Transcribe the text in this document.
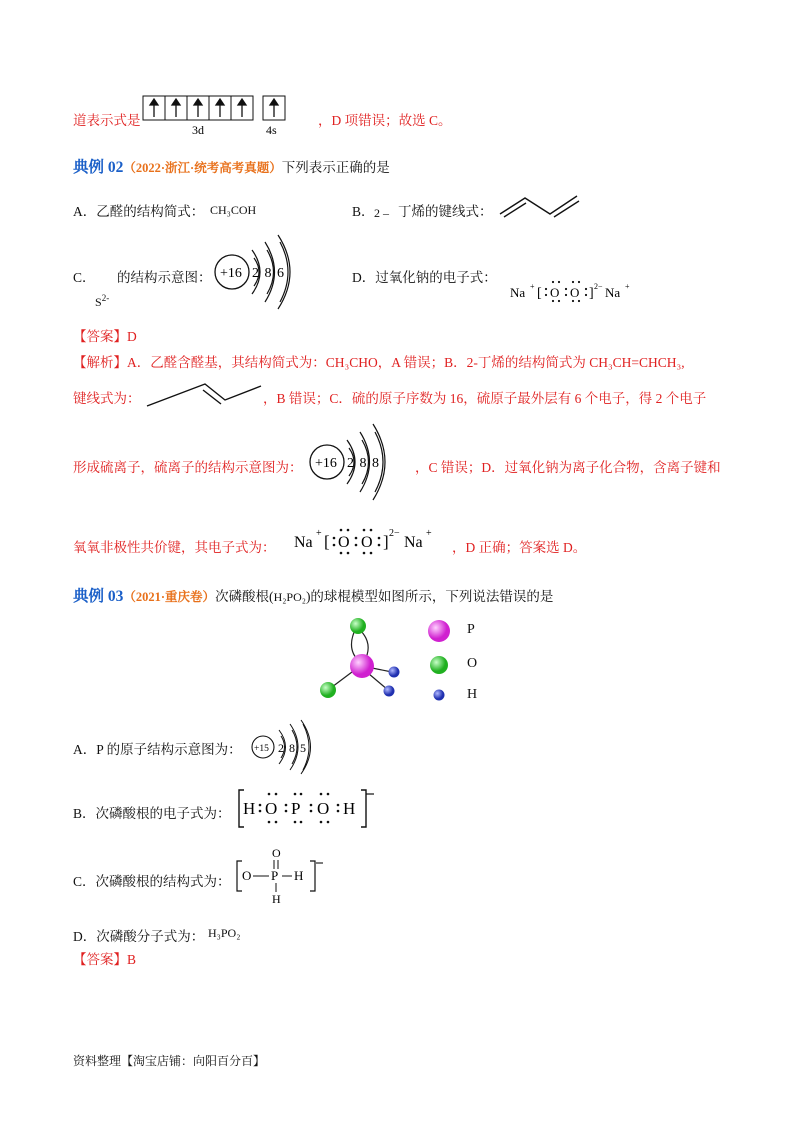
道表示式是
3d	4s
，D 项错误；故选 C。
典例 02（2022·浙江·统考高考真题）下列表示正确的是
A．乙醛的结构简式： CH₃COH	B． 2 – 丁烯的键线式：
C． 的结构示意图：
$S^{2-}$
+16 2 8 6	D．过氧化钠的电子式：
Na + [ O O ] 2− Na +
【答案】D
【解析】A．乙醛含醛基，其结构简式为：CH₃CHO，A 错误；B．2-丁烯的结构简式为 CH₃CH=CHCH₃,
键线式为：	，B 错误；C．硫的原子序数为 16，硫原子最外层有 6 个电子，得 2 个电子
形成硫离子，硫离子的结构示意图为： +16 2 8 8	，C 错误；D．过氧化钠为离子化合物，含离子键和
氧氧非极性共价键，其电子式为： Na
+ [ O O ] 2−
Na
+
，D 正确；答案选 D。
典例 03（2021·重庆卷）次磷酸根(H₂PO₂)的球棍模型如图所示，下列说法错误的是
P
O
H
A．P 的原子结构示意图为： +15 2 8 5
B．次磷酸根的电子式为： H O P O H
C．次磷酸根的结构式为：
O
O P H
H
D．次磷酸分子式为： H₃PO₂
【答案】B
资料整理【淘宝店铺：向阳百分百】
